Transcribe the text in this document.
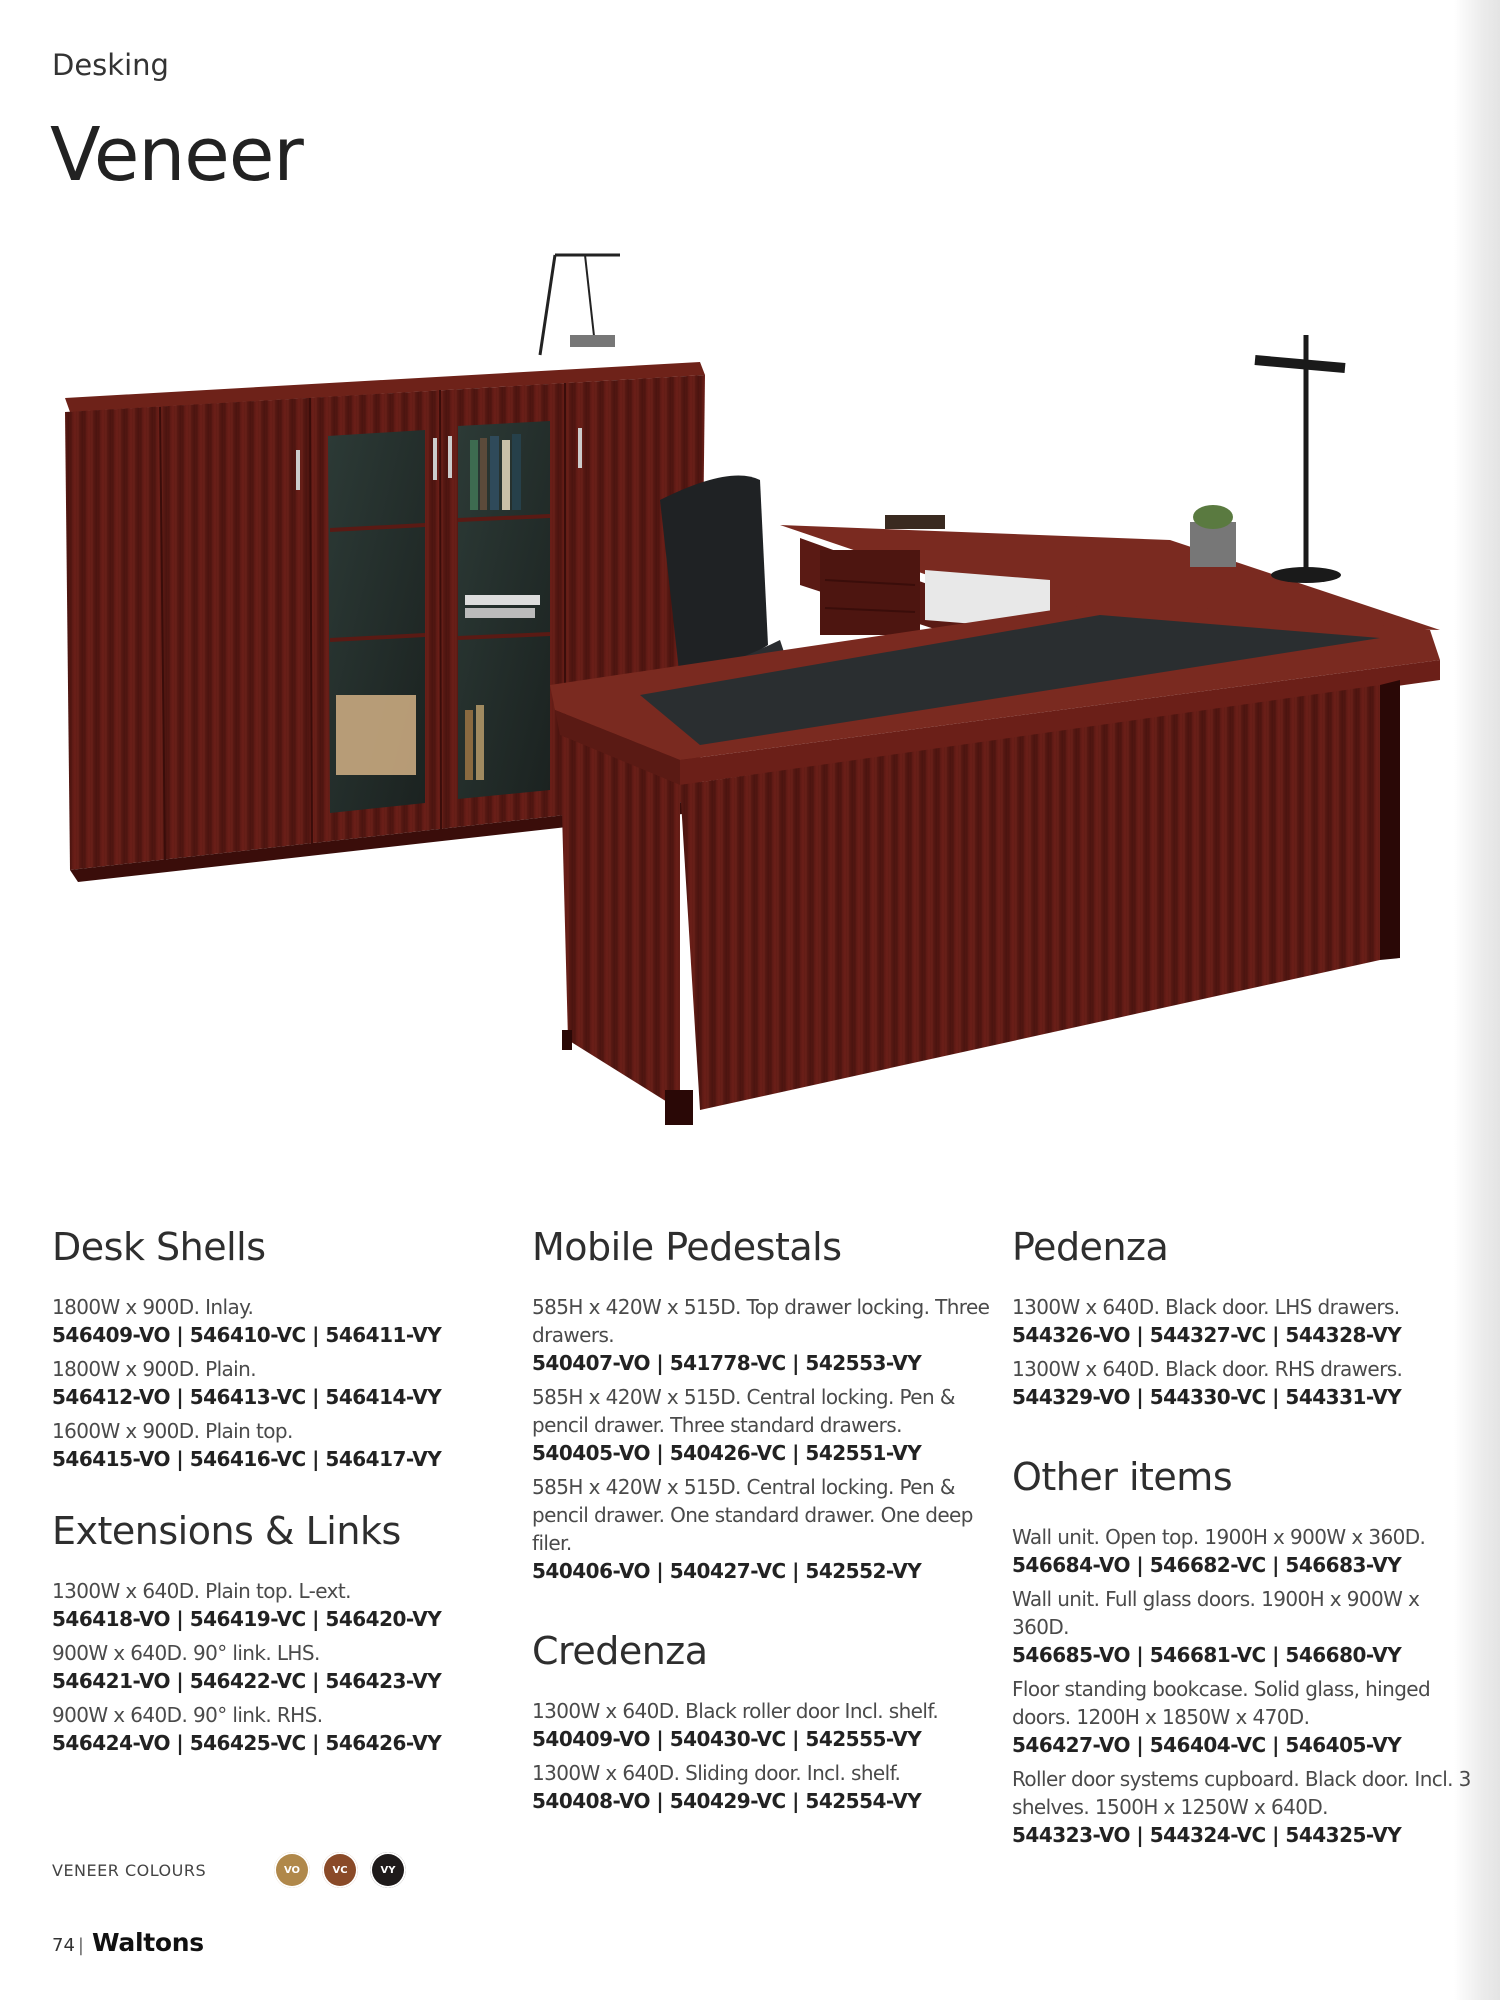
Desking
Veneer
Desk Shells
1800W x 900D. Inlay.
546409-VO | 546410-VC | 546411-VY
1800W x 900D. Plain.
546412-VO | 546413-VC | 546414-VY
1600W x 900D. Plain top.
546415-VO | 546416-VC | 546417-VY
Extensions & Links
1300W x 640D. Plain top. L-ext.
546418-VO | 546419-VC | 546420-VY
900W x 640D. 90° link. LHS.
546421-VO | 546422-VC | 546423-VY
900W x 640D. 90° link. RHS.
546424-VO | 546425-VC | 546426-VY
Mobile Pedestals
585H x 420W x 515D. Top drawer locking. Three drawers.
540407-VO | 541778-VC | 542553-VY
585H x 420W x 515D. Central locking. Pen & pencil drawer. Three standard drawers.
540405-VO | 540426-VC | 542551-VY
585H x 420W x 515D. Central locking. Pen & pencil drawer. One standard drawer. One deep filer.
540406-VO | 540427-VC | 542552-VY
Credenza
1300W x 640D. Black roller door Incl. shelf.
540409-VO | 540430-VC | 542555-VY
1300W x 640D. Sliding door. Incl. shelf.
540408-VO | 540429-VC | 542554-VY
Pedenza
1300W x 640D. Black door. LHS drawers.
544326-VO | 544327-VC | 544328-VY
1300W x 640D. Black door. RHS drawers.
544329-VO | 544330-VC | 544331-VY
Other items
Wall unit. Open top. 1900H x 900W x 360D.
546684-VO | 546682-VC | 546683-VY
Wall unit. Full glass doors. 1900H x 900W x 360D.
546685-VO | 546681-VC | 546680-VY
Floor standing bookcase. Solid glass, hinged doors. 1200H x 1850W x 470D.
546427-VO | 546404-VC | 546405-VY
Roller door systems cupboard. Black door. Incl. 3 shelves. 1500H x 1250W x 640D.
544323-VO | 544324-VC | 544325-VY
VENEER COLOURS	VO	VC	VY
74 | Waltons
